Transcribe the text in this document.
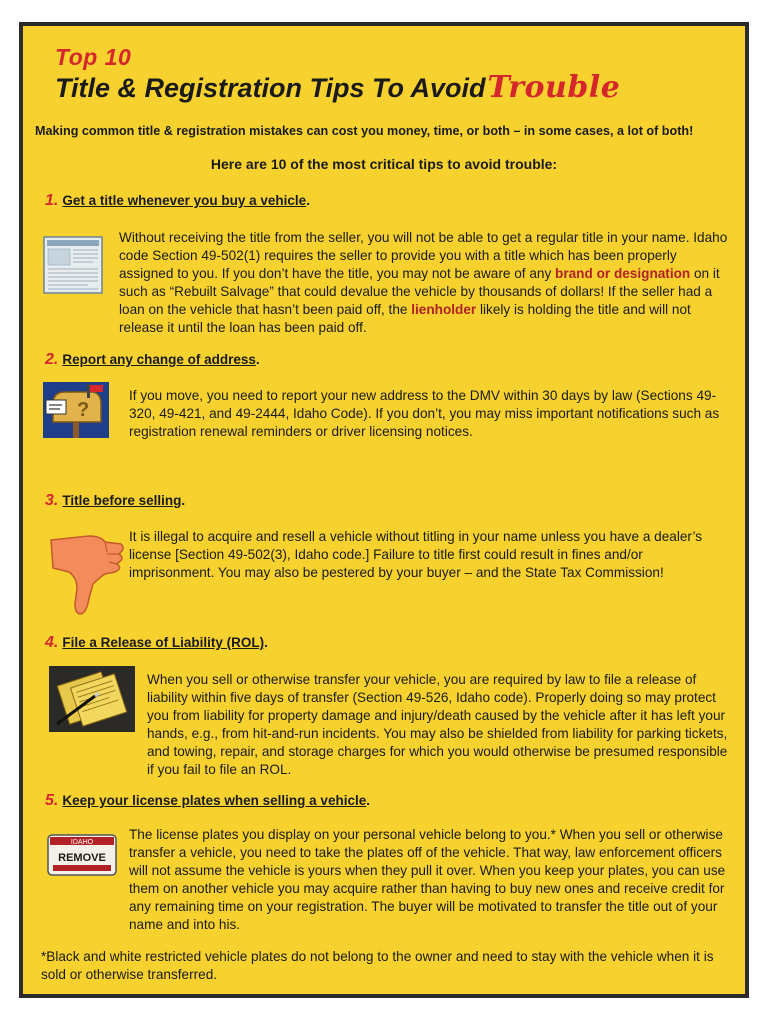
Top 10
Title & Registration Tips To AvoidTrouble
Making common title & registration mistakes can cost you money, time, or both – in some cases, a lot of both!
Here are 10 of the most critical tips to avoid trouble:
1. Get a title whenever you buy a vehicle.
Without receiving the title from the seller, you will not be able to get a regular title in your name. Idaho code Section 49-502(1) requires the seller to provide you with a title which has been properly assigned to you. If you don’t have the title, you may not be aware of any brand or designation on it such as “Rebuilt Salvage” that could devalue the vehicle by thousands of dollars! If the seller had a loan on the vehicle that hasn’t been paid off, the lienholder likely is holding the title and will not release it until the loan has been paid off.
2. Report any change of address.
?
If you move, you need to report your new address to the DMV within 30 days by law (Sections 49-320, 49-421, and 49-2444, Idaho Code). If you don’t, you may miss important notifications such as registration renewal reminders or driver licensing notices.
3. Title before selling.
It is illegal to acquire and resell a vehicle without titling in your name unless you have a dealer’s license [Section 49-502(3), Idaho code.] Failure to title first could result in fines and/or imprisonment. You may also be pestered by your buyer – and the State Tax Commission!
4. File a Release of Liability (ROL).
When you sell or otherwise transfer your vehicle, you are required by law to file a release of liability within five days of transfer (Section 49-526, Idaho code). Properly doing so may protect you from liability for property damage and injury/death caused by the vehicle after it has left your hands, e.g., from hit-and-run incidents. You may also be shielded from liability for parking tickets, and towing, repair, and storage charges for which you would otherwise be presumed responsible if you fail to file an ROL.
5. Keep your license plates when selling a vehicle.
IDAHO
REMOVE
The license plates you display on your personal vehicle belong to you.* When you sell or otherwise transfer a vehicle, you need to take the plates off of the vehicle. That way, law enforcement officers will not assume the vehicle is yours when they pull it over. When you keep your plates, you can use them on another vehicle you may acquire rather than having to buy new ones and receive credit for any remaining time on your registration. The buyer will be motivated to transfer the title out of your name and into his.
*Black and white restricted vehicle plates do not belong to the owner and need to stay with the vehicle when it is sold or otherwise transferred.
